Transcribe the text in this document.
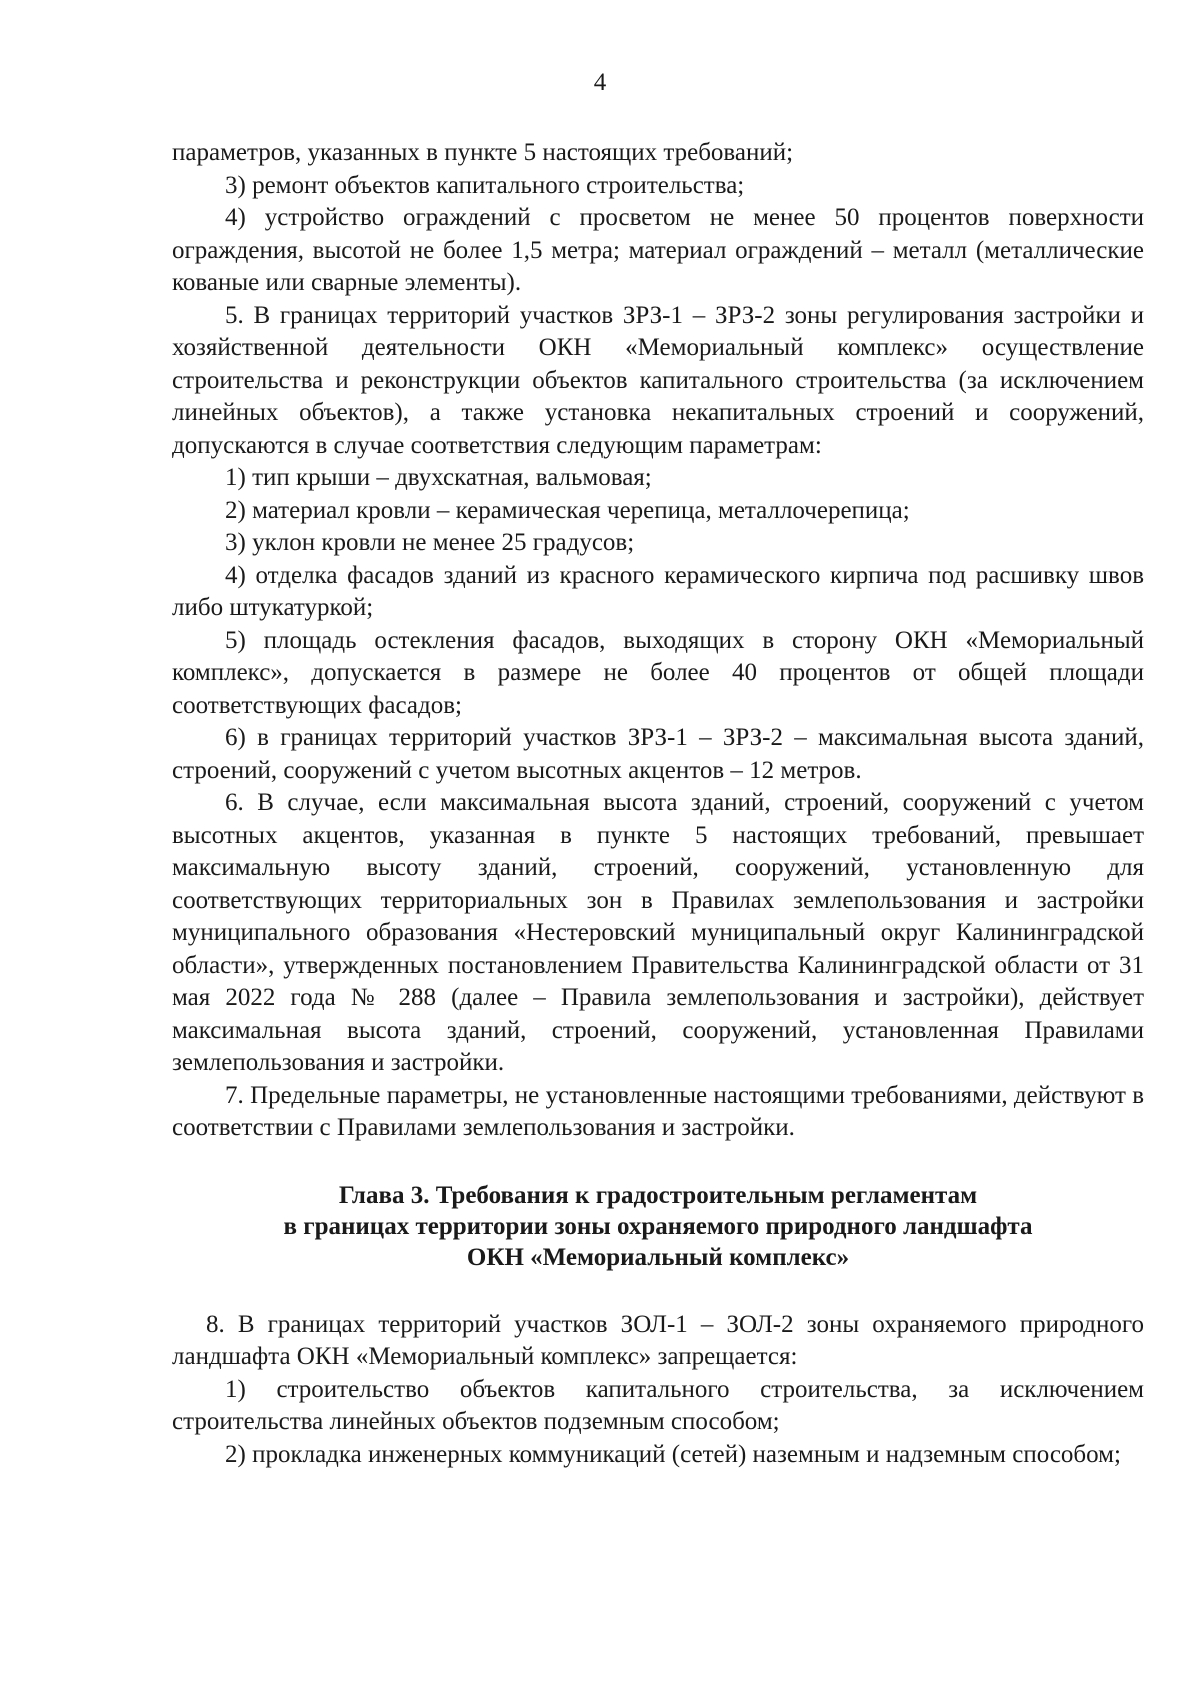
4

параметров, указанных в пункте 5 настоящих требований;

3) ремонт объектов капитального строительства;

4) устройство ограждений с просветом не менее 50 процентов поверхности ограждения, высотой не более 1,5 метра; материал ограждений – металл (металлические кованые или сварные элементы).

5. В границах территорий участков ЗРЗ-1 – ЗРЗ-2 зоны регулирования застройки и хозяйственной деятельности ОКН «Мемориальный комплекс» осуществление строительства и реконструкции объектов капитального строительства (за исключением линейных объектов), а также установка некапитальных строений и сооружений, допускаются в случае соответствия следующим параметрам:

1) тип крыши – двухскатная, вальмовая;

2) материал кровли – керамическая черепица, металлочерепица;

3) уклон кровли не менее 25 градусов;

4) отделка фасадов зданий из красного керамического кирпича под расшивку швов либо штукатуркой;

5) площадь остекления фасадов, выходящих в сторону ОКН «Мемориальный комплекс», допускается в размере не более 40 процентов от общей площади соответствующих фасадов;

6) в границах территорий участков ЗРЗ-1 – ЗРЗ-2 – максимальная высота зданий, строений, сооружений с учетом высотных акцентов – 12 метров.

6. В случае, если максимальная высота зданий, строений, сооружений с учетом высотных акцентов, указанная в пункте 5 настоящих требований, превышает максимальную высоту зданий, строений, сооружений, установленную для соответствующих территориальных зон в Правилах землепользования и застройки муниципального образования «Нестеровский муниципальный округ Калининградской области», утвержденных постановлением Правительства Калининградской области от 31 мая 2022 года № 288 (далее – Правила землепользования и застройки), действует максимальная высота зданий, строений, сооружений, установленная Правилами землепользования и застройки.

7. Предельные параметры, не установленные настоящими требованиями, действуют в соответствии с Правилами землепользования и застройки.

Глава 3. Требования к градостроительным регламентам
в границах территории зоны охраняемого природного ландшафта
ОКН «Мемориальный комплекс»

8. В границах территорий участков ЗОЛ-1 – ЗОЛ-2 зоны охраняемого природного ландшафта ОКН «Мемориальный комплекс» запрещается:

1) строительство объектов капитального строительства, за исключением строительства линейных объектов подземным способом;

2) прокладка инженерных коммуникаций (сетей) наземным и надземным способом;
